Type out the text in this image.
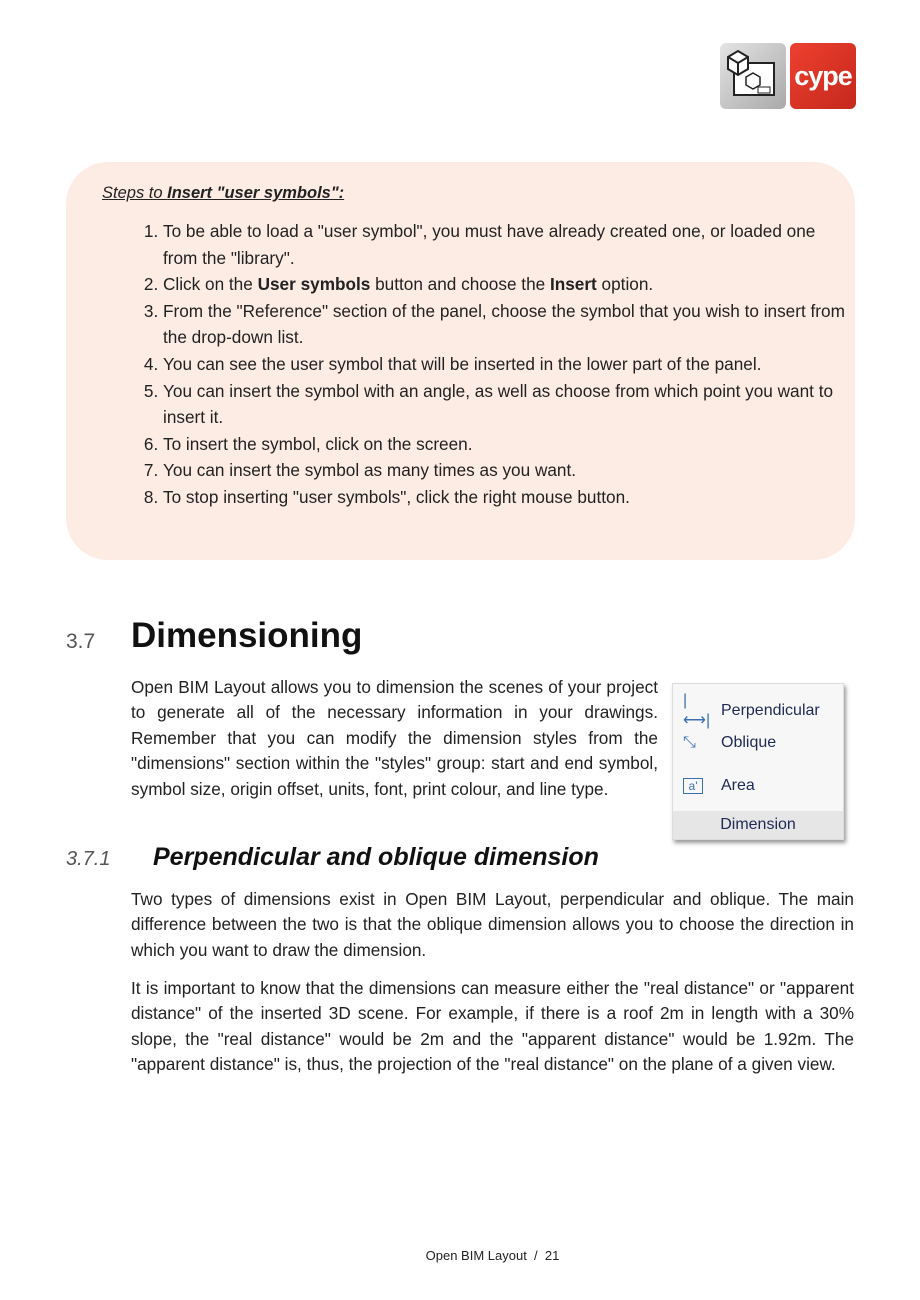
cype
Steps to Insert "user symbols":
1. To be able to load a "user symbol", you must have already created one, or loaded one from the "library".
2. Click on the User symbols button and choose the Insert option.
3. From the "Reference" section of the panel, choose the symbol that you wish to insert from the drop-down list.
4. You can see the user symbol that will be inserted in the lower part of the panel.
5. You can insert the symbol with an angle, as well as choose from which point you want to insert it.
6. To insert the symbol, click on the screen.
7. You can insert the symbol as many times as you want.
8. To stop inserting "user symbols", click the right mouse button.
3.7 Dimensioning

Open BIM Layout allows you to dimension the scenes of your project to generate all of the necessary information in your drawings. Remember that you can modify the dimension styles from the "dimensions" section within the "styles" group: start and end symbol, symbol size, origin offset, units, font, print colour, and line type.

|⟷|
Perpendicular
⤡	Oblique
a'	Area
Dimension
3.7.1 Perpendicular and oblique dimension

Two types of dimensions exist in Open BIM Layout, perpendicular and oblique. The main difference between the two is that the oblique dimension allows you to choose the direction in which you want to draw the dimension.

It is important to know that the dimensions can measure either the "real distance" or "apparent distance" of the inserted 3D scene. For example, if there is a roof 2m in length with a 30% slope, the "real distance" would be 2m and the "apparent distance" would be 1.92m. The "apparent distance" is, thus, the projection of the "real distance" on the plane of a given view.

Open BIM Layout  /  21
